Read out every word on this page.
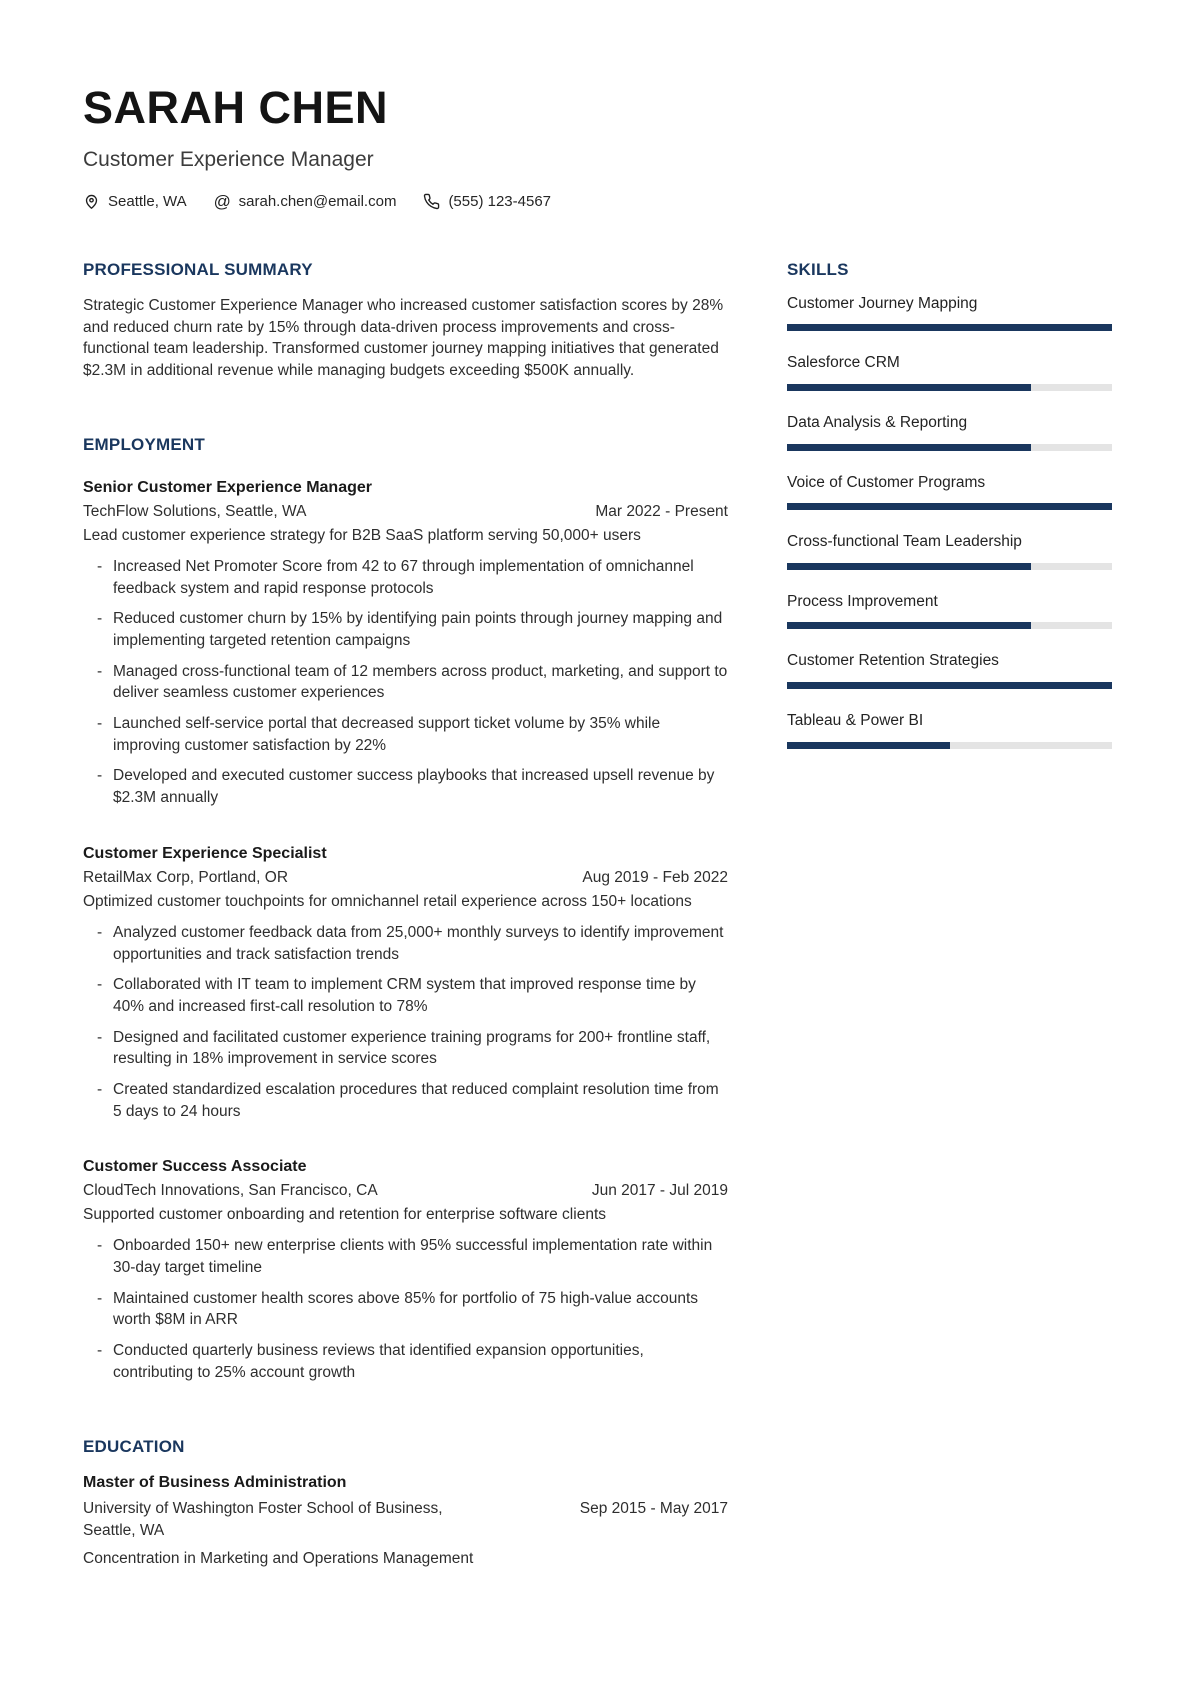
SARAH CHEN
Customer Experience Manager
Seattle, WA @ sarah.chen@email.com	(555) 123-4567
PROFESSIONAL SUMMARY

Strategic Customer Experience Manager who increased customer satisfaction scores by 28% and reduced churn rate by 15% through data-driven process improvements and cross-functional team leadership. Transformed customer journey mapping initiatives that generated $2.3M in additional revenue while managing budgets exceeding $500K annually.

EMPLOYMENT
Senior Customer Experience Manager
TechFlow Solutions, Seattle, WA	Mar 2022 - Present
Lead customer experience strategy for B2B SaaS platform serving 50,000+ users
-
Increased Net Promoter Score from 42 to 67 through implementation of omnichannel feedback system and rapid response protocols
-
Reduced customer churn by 15% by identifying pain points through journey mapping and implementing targeted retention campaigns
-
Managed cross-functional team of 12 members across product, marketing, and support to deliver seamless customer experiences
-
Launched self-service portal that decreased support ticket volume by 35% while improving customer satisfaction by 22%
-
Developed and executed customer success playbooks that increased upsell revenue by $2.3M annually
Customer Experience Specialist
RetailMax Corp, Portland, OR	Aug 2019 - Feb 2022
Optimized customer touchpoints for omnichannel retail experience across 150+ locations
-
Analyzed customer feedback data from 25,000+ monthly surveys to identify improvement opportunities and track satisfaction trends
-
Collaborated with IT team to implement CRM system that improved response time by 40% and increased first-call resolution to 78%
-
Designed and facilitated customer experience training programs for 200+ frontline staff, resulting in 18% improvement in service scores
-
Created standardized escalation procedures that reduced complaint resolution time from 5 days to 24 hours
Customer Success Associate
CloudTech Innovations, San Francisco, CA	Jun 2017 - Jul 2019
Supported customer onboarding and retention for enterprise software clients
-
Onboarded 150+ new enterprise clients with 95% successful implementation rate within 30-day target timeline
-
Maintained customer health scores above 85% for portfolio of 75 high-value accounts worth $8M in ARR
-
Conducted quarterly business reviews that identified expansion opportunities, contributing to 25% account growth
EDUCATION
Master of Business Administration
University of Washington Foster School of Business, Seattle, WA
Sep 2015 - May 2017
Concentration in Marketing and Operations Management
SKILLS
Customer Journey Mapping
Salesforce CRM
Data Analysis & Reporting
Voice of Customer Programs
Cross-functional Team Leadership
Process Improvement
Customer Retention Strategies
Tableau & Power BI
